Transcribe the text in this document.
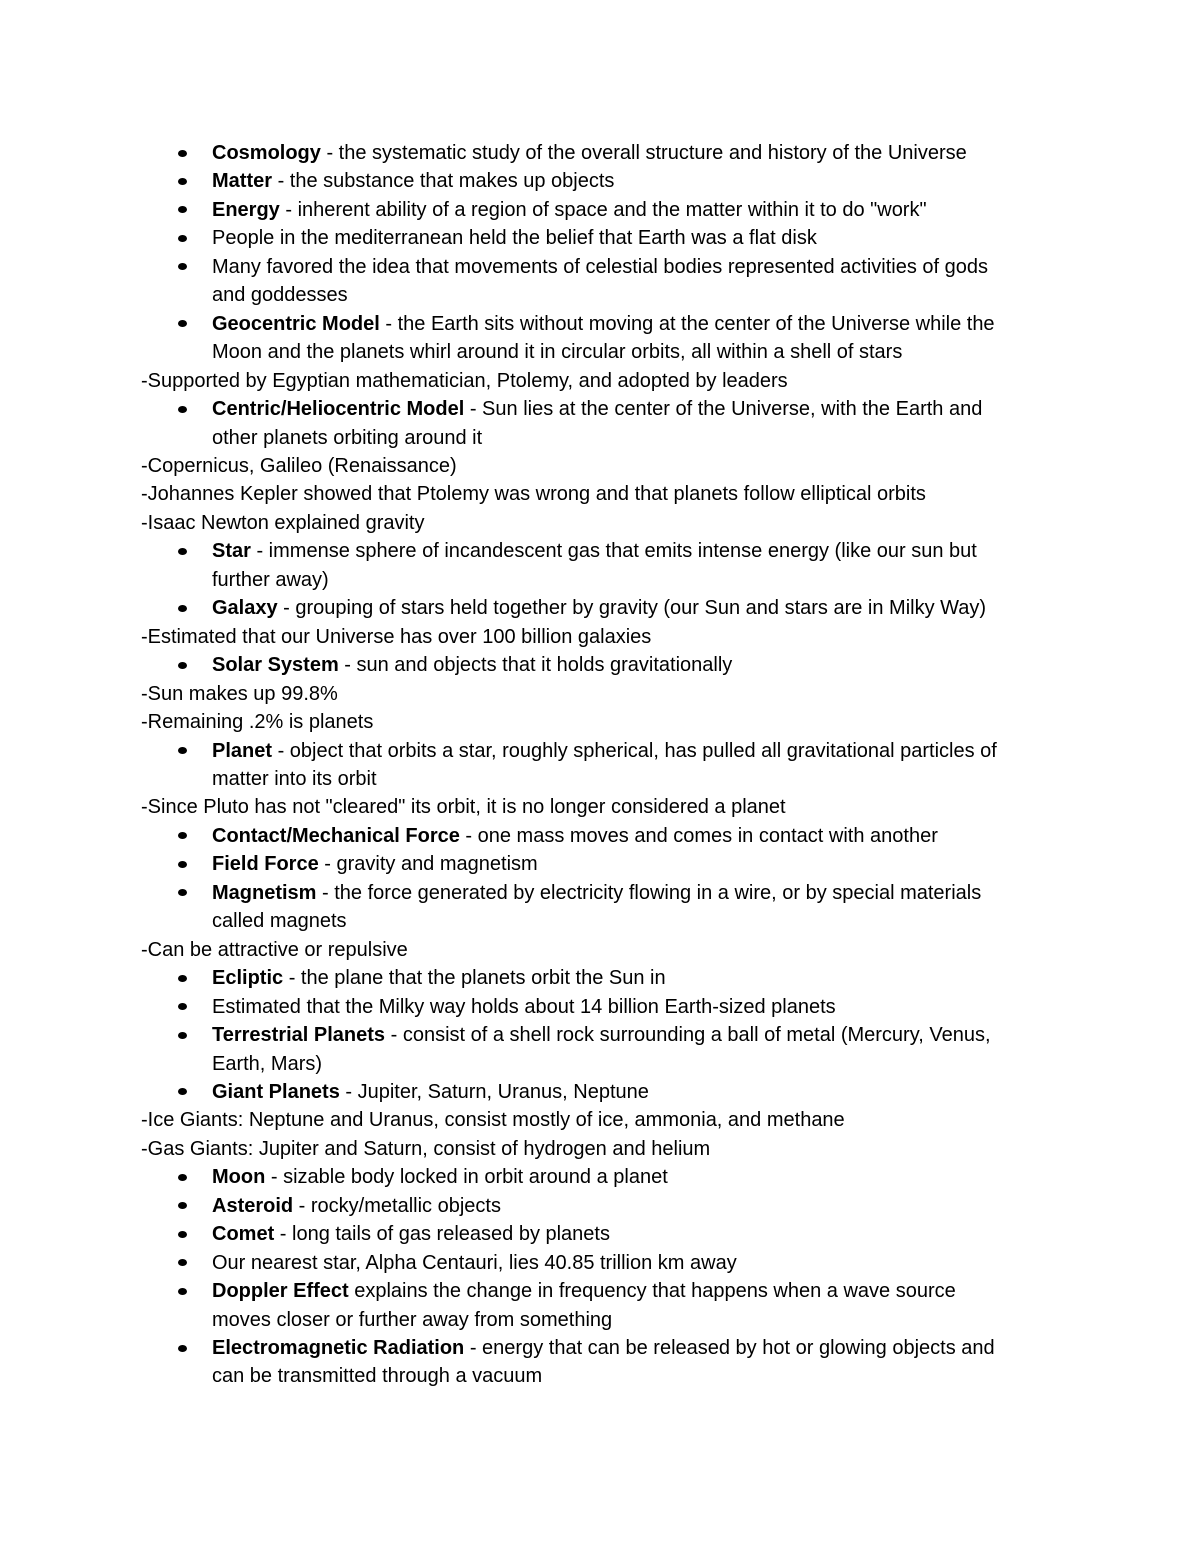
Cosmology - the systematic study of the overall structure and history of the Universe
Matter - the substance that makes up objects
Energy - inherent ability of a region of space and the matter within it to do "work"
People in the mediterranean held the belief that Earth was a flat disk
Many favored the idea that movements of celestial bodies represented activities of gods
and goddesses
Geocentric Model - the Earth sits without moving at the center of the Universe while the
Moon and the planets whirl around it in circular orbits, all within a shell of stars
-Supported by Egyptian mathematician, Ptolemy, and adopted by leaders
Centric/Heliocentric Model - Sun lies at the center of the Universe, with the Earth and
other planets orbiting around it
-Copernicus, Galileo (Renaissance)
-Johannes Kepler showed that Ptolemy was wrong and that planets follow elliptical orbits
-Isaac Newton explained gravity
Star - immense sphere of incandescent gas that emits intense energy (like our sun but
further away)
Galaxy - grouping of stars held together by gravity (our Sun and stars are in Milky Way)
-Estimated that our Universe has over 100 billion galaxies
Solar System - sun and objects that it holds gravitationally
-Sun makes up 99.8%
-Remaining .2% is planets
Planet - object that orbits a star, roughly spherical, has pulled all gravitational particles of
matter into its orbit
-Since Pluto has not "cleared" its orbit, it is no longer considered a planet
Contact/Mechanical Force - one mass moves and comes in contact with another
Field Force - gravity and magnetism
Magnetism - the force generated by electricity flowing in a wire, or by special materials
called magnets
-Can be attractive or repulsive
Ecliptic - the plane that the planets orbit the Sun in
Estimated that the Milky way holds about 14 billion Earth-sized planets
Terrestrial Planets - consist of a shell rock surrounding a ball of metal (Mercury, Venus,
Earth, Mars)
Giant Planets - Jupiter, Saturn, Uranus, Neptune
-Ice Giants: Neptune and Uranus, consist mostly of ice, ammonia, and methane
-Gas Giants: Jupiter and Saturn, consist of hydrogen and helium
Moon - sizable body locked in orbit around a planet
Asteroid - rocky/metallic objects
Comet - long tails of gas released by planets
Our nearest star, Alpha Centauri, lies 40.85 trillion km away
Doppler Effect explains the change in frequency that happens when a wave source
moves closer or further away from something
Electromagnetic Radiation - energy that can be released by hot or glowing objects and
can be transmitted through a vacuum
